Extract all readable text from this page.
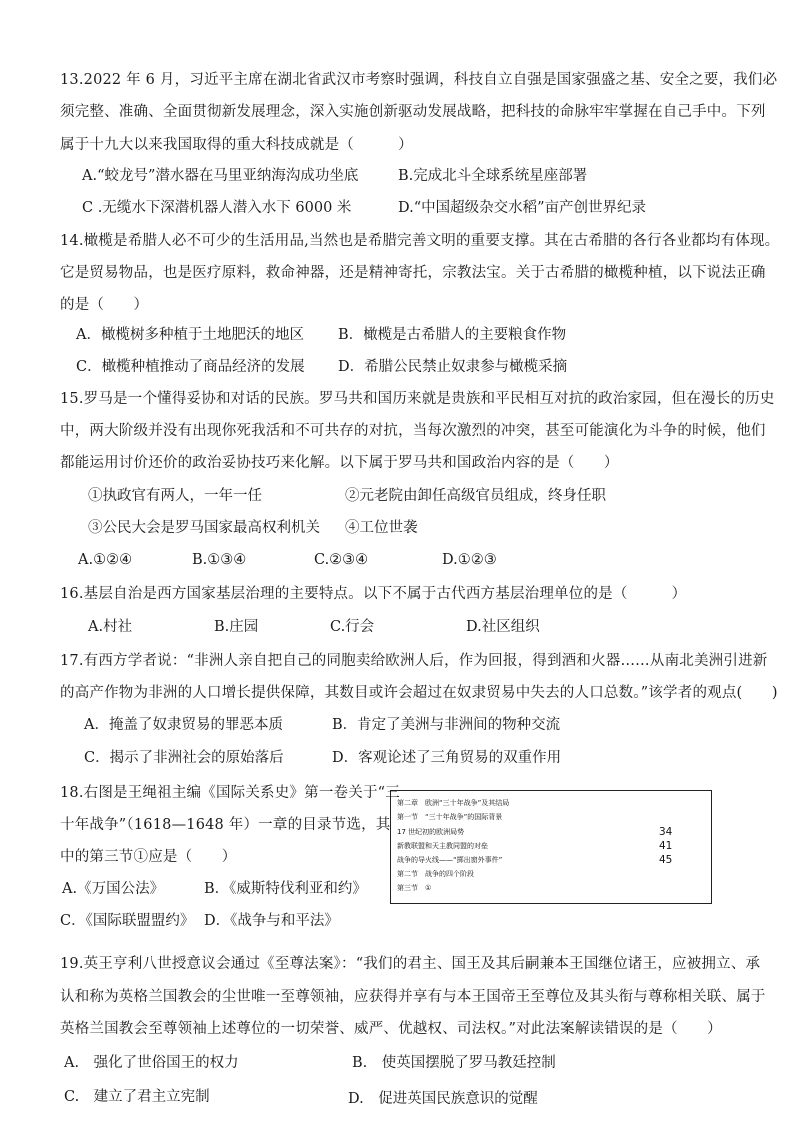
13.2022 年 6 月，习近平主席在湖北省武汉市考察时强调，科技自立自强是国家强盛之基、安全之要，我们必
须完整、准确、全面贯彻新发展理念，深入实施创新驱动发展战略，把科技的命脉牢牢掌握在自己手中。下列
属于十九大以来我国取得的重大科技成就是（　　　）
A.“蛟龙号”潜水器在马里亚纳海沟成功坐底	B.完成北斗全球系统星座部署
C .无缆水下深潜机器人潜入水下 6000 米	D.“中国超级杂交水稻”亩产创世界纪录
14.橄榄是希腊人必不可少的生活用品,当然也是希腊完善文明的重要支撑。其在古希腊的各行各业都均有体现。
它是贸易物品，也是医疗原料，救命神器，还是精神寄托，宗教法宝。关于古希腊的橄榄种植，以下说法正确
的是（　　）
A．橄榄树多种植于土地肥沃的地区 B．橄榄是古希腊人的主要粮食作物
C．橄榄种植推动了商品经济的发展 D．希腊公民禁止奴隶参与橄榄采摘
15.罗马是一个懂得妥协和对话的民族。罗马共和国历来就是贵族和平民相互对抗的政治家园，但在漫长的历史
中，两大阶级并没有出现你死我活和不可共存的对抗，当每次激烈的冲突，甚至可能演化为斗争的时候，他们
都能运用讨价还价的政治妥协技巧来化解。以下属于罗马共和国政治内容的是（　　）
①执政官有两人，一年一任	②元老院由卸任高级官员组成，终身任职
③公民大会是罗马国家最高权利机关 ④工位世袭
A.①②④	B.①③④	C.②③④	D.①②③
16.基层自治是西方国家基层治理的主要特点。以下不属于古代西方基层治理单位的是（　　　）
A.村社	B.庄园	C.行会	D.社区组织
17.有西方学者说：“非洲人亲自把自己的同胞卖给欧洲人后，作为回报，得到酒和火器……从南北美洲引进新
的高产作物为非洲的人口增长提供保障，其数目或许会超过在奴隶贸易中失去的人口总数。”该学者的观点(　　)
A．掩盖了奴隶贸易的罪恶本质	B．肯定了美洲与非洲间的物种交流
C．揭示了非洲社会的原始落后	D．客观论述了三角贸易的双重作用
18.右图是王绳祖主编《国际关系史》第一卷关于“三
十年战争”（1618—1648 年）一章的目录节选，其
中的第三节①应是（　　）
A.《万国公法》	B．《威斯特伐利亚和约》
C．《国际联盟盟约》 D．《战争与和平法》
第二章　欧洲“三十年战争”及其结局
第一节　“三十年战争”的国际背景
17 世纪初的欧洲局势	34
新教联盟和天主教同盟的对垒	41
战争的导火线——“掷出窗外事件”	45
第二节　战争的四个阶段
第三节　①
19.英王亨利八世授意议会通过《至尊法案》：“我们的君主、国王及其后嗣兼本王国继位诸王，应被拥立、承
认和称为英格兰国教会的尘世唯一至尊领袖，应获得并享有与本王国帝王至尊位及其头衔与尊称相关联、属于
英格兰国教会至尊领袖上述尊位的一切荣誉、威严、优越权、司法权。”对此法案解读错误的是（　　）
A.　强化了世俗国王的权力	B.　使英国摆脱了罗马教廷控制
C.　建立了君主立宪制	D.　促进英国民族意识的觉醒
